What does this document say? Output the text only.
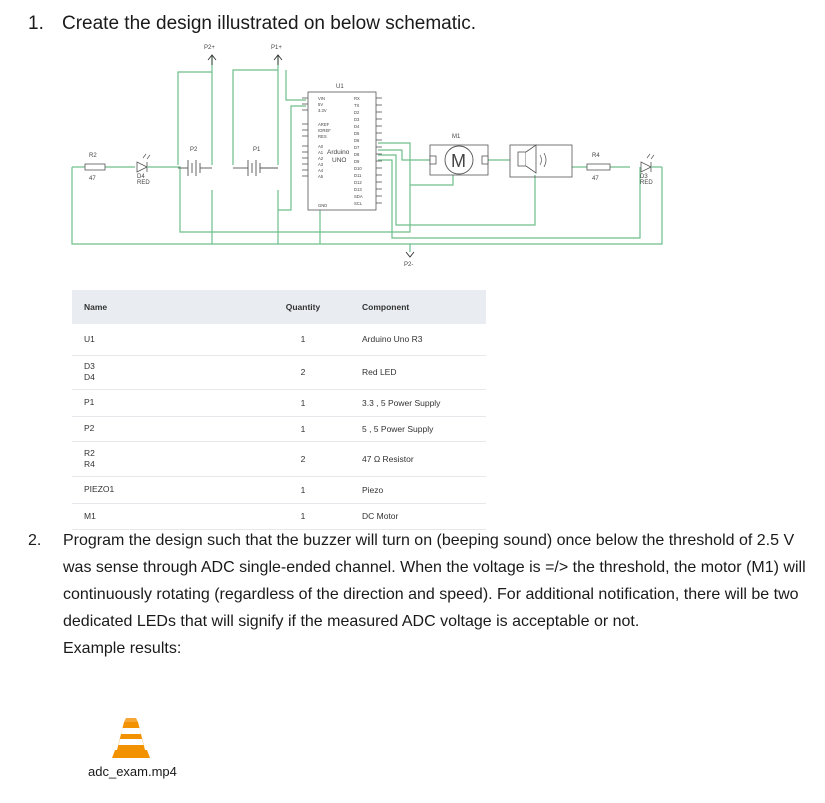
1. Create the design illustrated on below schematic.
P2+	P1+
U1
VIN
5V
3.3V
AREF
IOREF
RES
A0
A1
A2
A3
A4
A5
GND
RX
TX
D2
D3
D4
D5
D6
D7
D8
D9
D10
D11
D12
D13
SDA
SCL
Arduino
UNO
R2
47	D4
RED
P2	P1
M1
M	R4
47	D3
RED
P2-
Name	Quantity	Component

U1	1	Arduino Uno R3

D3
D4	2	Red LED

P1	1	3.3 , 5 Power Supply

P2	1	5 , 5 Power Supply

R2
R4	2	47 Ω Resistor

PIEZO1	1	Piezo

M1	1	DC Motor
2. Program the design such that the buzzer will turn on (beeping sound) once below the threshold of 2.5 V was sense through ADC single-ended channel. When the voltage is =/> the threshold, the motor (M1) will continuously rotating (regardless of the direction and speed). For additional notification, there will be two dedicated LEDs that will signify if the measured ADC voltage is acceptable or not.
Example results:
adc_exam.mp4
